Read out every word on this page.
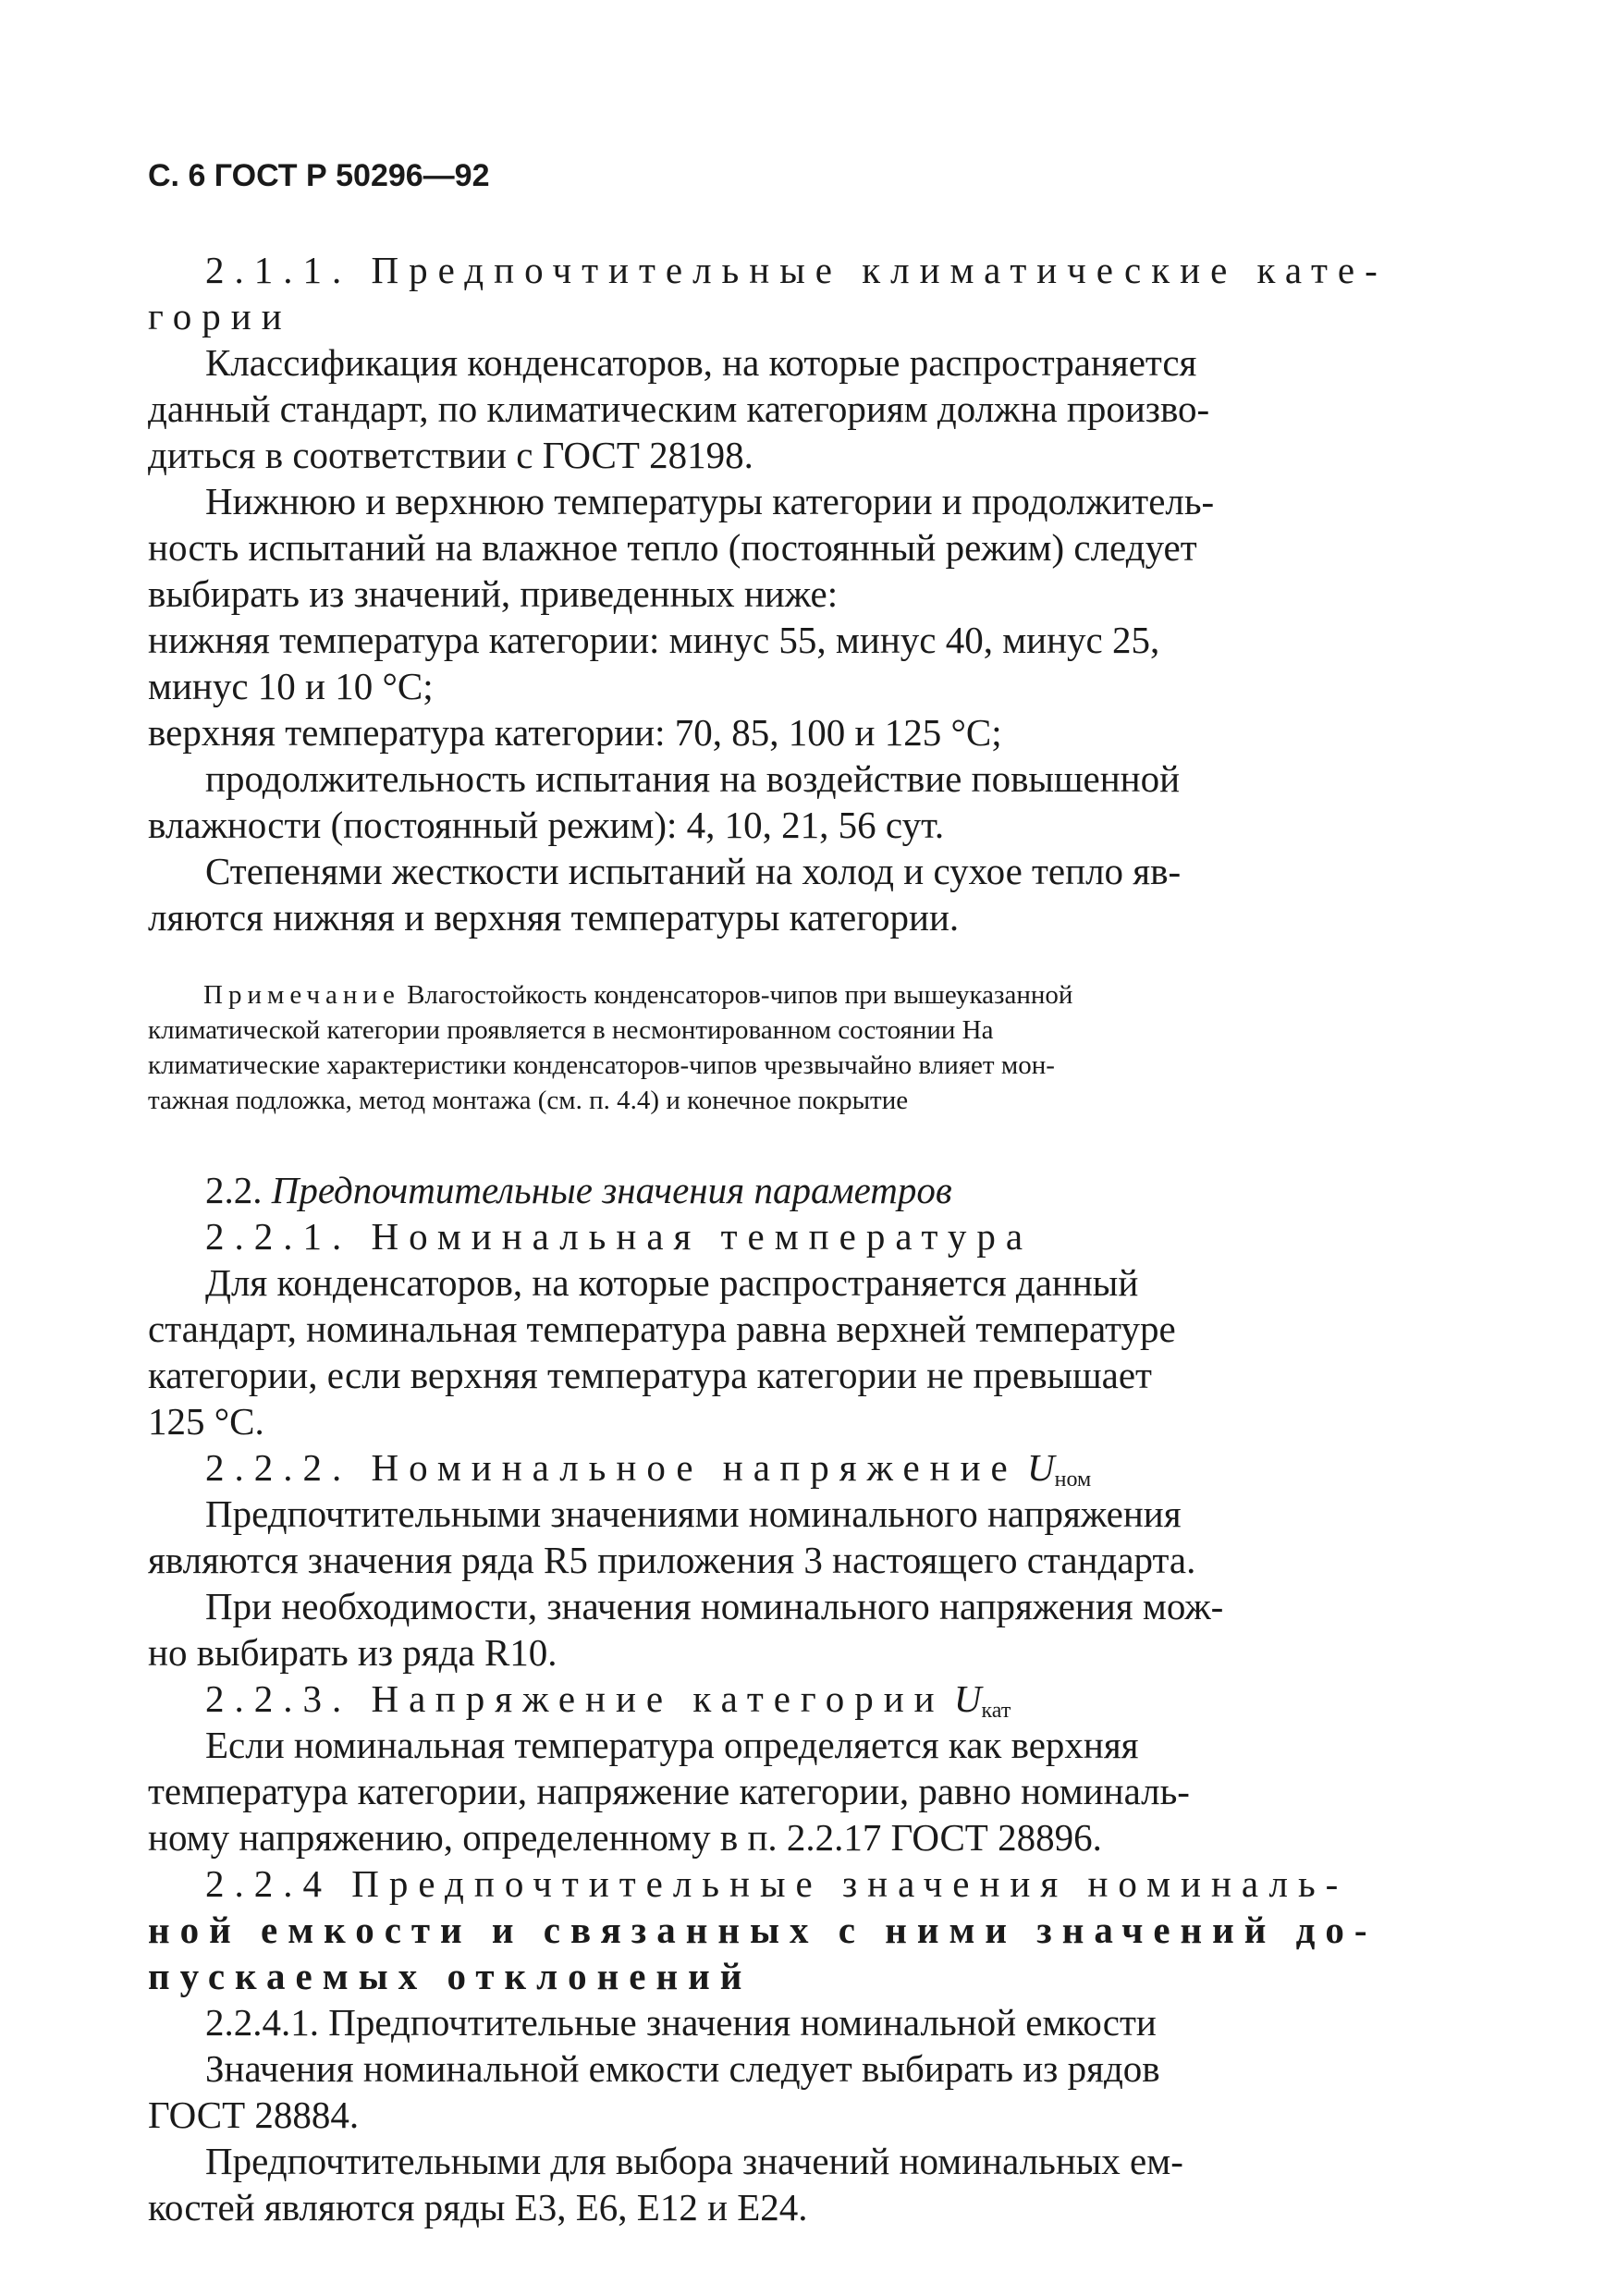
С. 6 ГОСТ Р 50296—92
2.1.1. Предпочтительные климатические кате-
гории
Классификация конденсаторов, на которые распространяется
данный стандарт, по климатическим категориям должна произво-
диться в соответствии с ГОСТ 28198.
Нижнюю и верхнюю температуры категории и продолжитель-
ность испытаний на влажное тепло (постоянный режим) следует
выбирать из значений, приведенных ниже:
нижняя температура категории: минус 55, минус 40, минус 25,
минус 10 и 10 °С;
верхняя температура категории: 70, 85, 100 и 125 °С;
продолжительность испытания на воздействие повышенной
влажности (постоянный режим): 4, 10, 21, 56 сут.
Степенями жесткости испытаний на холод и сухое тепло яв-
ляются нижняя и верхняя температуры категории.
Примечание Влагостойкость конденсаторов-чипов при вышеуказанной
климатической категории проявляется в несмонтированном состоянии На
климатические характеристики конденсаторов-чипов чрезвычайно влияет мон-
тажная подложка, метод монтажа (см. п. 4.4) и конечное покрытие
2.2. Предпочтительные значения параметров
2.2.1. Номинальная температура
Для конденсаторов, на которые распространяется данный
стандарт, номинальная температура равна верхней температуре
категории, если верхняя температура категории не превышает
125 °С.
2.2.2. Номинальное напряжение Uном
Предпочтительными значениями номинального напряжения
являются значения ряда R5 приложения 3 настоящего стандарта.
При необходимости, значения номинального напряжения мож-
но выбирать из ряда R10.
2.2.3. Напряжение категории Uкат
Если номинальная температура определяется как верхняя
температура категории, напряжение категории, равно номиналь-
ному напряжению, определенному в п. 2.2.17 ГОСТ 28896.
2.2.4 Предпочтительные значения номиналь-
ной емкости и связанных с ними значений до-
пускаемых отклонений
2.2.4.1. Предпочтительные значения номинальной емкости
Значения номинальной емкости следует выбирать из рядов
ГОСТ 28884.
Предпочтительными для выбора значений номинальных ем-
костей являются ряды Е3, Е6, Е12 и Е24.
